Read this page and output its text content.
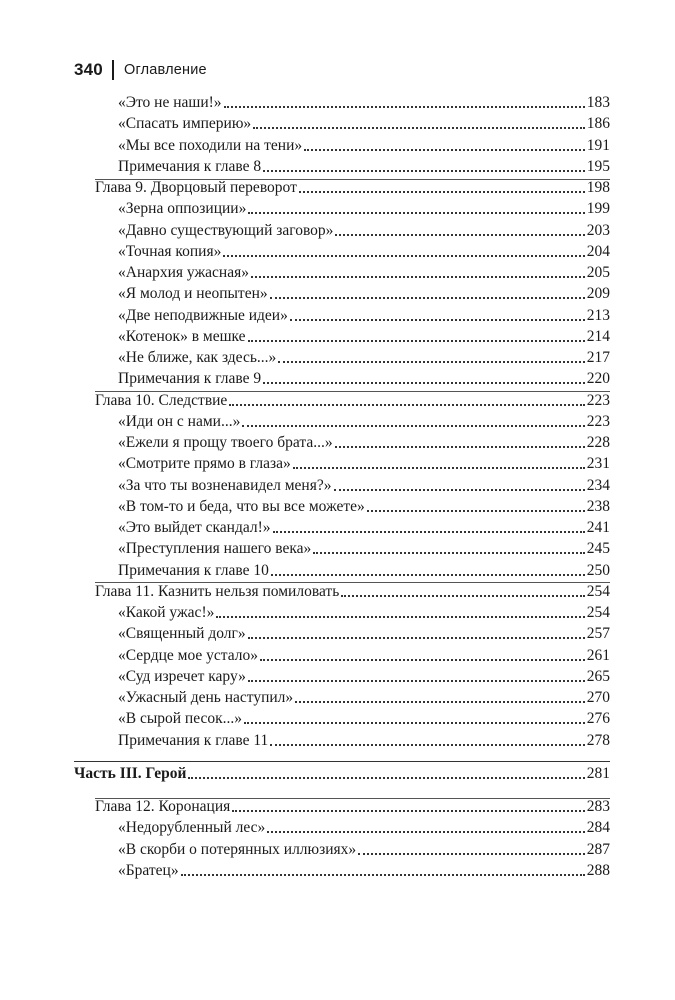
340 Оглавление
«Это не наши!»	183
«Спасать империю»	186
«Мы все походили на тени»	191
Примечания к главе 8	195
Глава 9. Дворцовый переворот	198
«Зерна оппозиции»	199
«Давно существующий заговор»	203
«Точная копия»	204
«Анархия ужасная»	205
«Я молод и неопытен»	209
«Две неподвижные идеи»	213
«Котенок» в мешке	214
«Не ближе, как здесь...»	217
Примечания к главе 9	220
Глава 10. Следствие	223
«Иди он с нами...»	223
«Ежели я прощу твоего брата...»	228
«Смотрите прямо в глаза»	231
«За что ты возненавидел меня?»	234
«В том-то и беда, что вы все можете»	238
«Это выйдет скандал!»	241
«Преступления нашего века»	245
Примечания к главе 10	250
Глава 11. Казнить нельзя помиловать	254
«Какой ужас!»	254
«Священный долг»	257
«Сердце мое устало»	261
«Суд изречет кару»	265
«Ужасный день наступил»	270
«В сырой песок...»	276
Примечания к главе 11	278
Часть III. Герой	281
Глава 12. Коронация	283
«Недорубленный лес»	284
«В скорби о потерянных иллюзиях»	287
«Братец»	288
